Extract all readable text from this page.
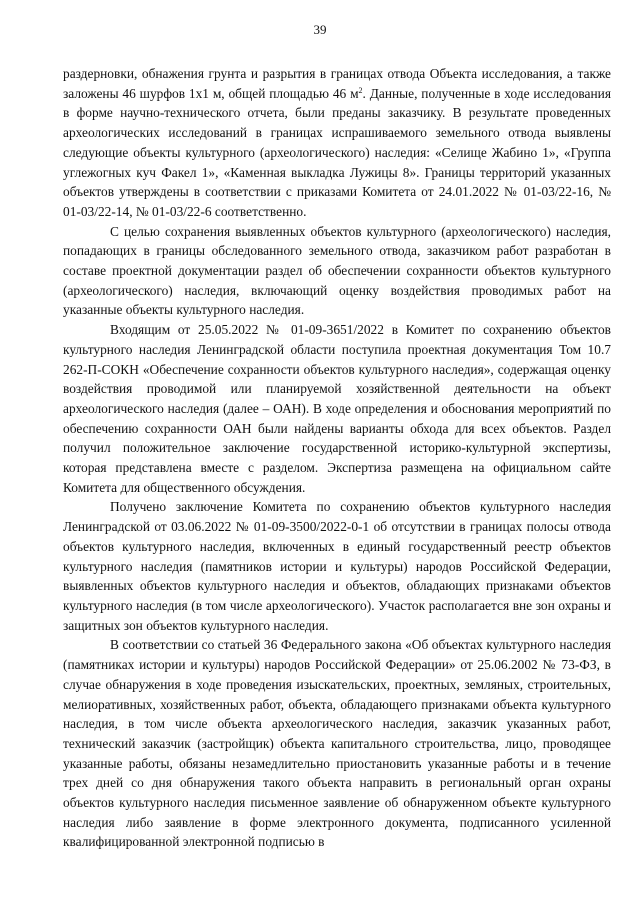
39

раздерновки, обнажения грунта и разрытия в границах отвода Объекта исследования, а также заложены 46 шурфов 1x1 м, общей площадью 46 $м^2$. Данные, полученные в ходе исследования в форме научно-технического отчета, были преданы заказчику. В результате проведенных археологических исследований в границах испрашиваемого земельного отвода выявлены следующие объекты культурного (археологического) наследия: «Селище Жабино 1», «Группа углежогных куч Факел 1», «Каменная выкладка Лужицы 8». Границы территорий указанных объектов утверждены в соответствии с приказами Комитета от 24.01.2022 № 01-03/22-16, № 01-03/22-14, № 01-03/22-6 соответственно.

С целью сохранения выявленных объектов культурного (археологического) наследия, попадающих в границы обследованного земельного отвода, заказчиком работ разработан в составе проектной документации раздел об обеспечении сохранности объектов культурного (археологического) наследия, включающий оценку воздействия проводимых работ на указанные объекты культурного наследия.

Входящим от 25.05.2022 № 01-09-3651/2022 в Комитет по сохранению объектов культурного наследия Ленинградской области поступила проектная документация Том 10.7 262-П-СОКН «Обеспечение сохранности объектов культурного наследия», содержащая оценку воздействия проводимой или планируемой хозяйственной деятельности на объект археологического наследия (далее – ОАН). В ходе определения и обоснования мероприятий по обеспечению сохранности ОАН были найдены варианты обхода для всех объектов. Раздел получил положительное заключение государственной историко-культурной экспертизы, которая представлена вместе с разделом. Экспертиза размещена на официальном сайте Комитета для общественного обсуждения.

Получено заключение Комитета по сохранению объектов культурного наследия Ленинградской от 03.06.2022 № 01-09-3500/2022-0-1 об отсутствии в границах полосы отвода объектов культурного наследия, включенных в единый государственный реестр объектов культурного наследия (памятников истории и культуры) народов Российской Федерации, выявленных объектов культурного наследия и объектов, обладающих признаками объектов культурного наследия (в том числе археологического). Участок располагается вне зон охраны и защитных зон объектов культурного наследия.

В соответствии со статьей 36 Федерального закона «Об объектах культурного наследия (памятниках истории и культуры) народов Российской Федерации» от 25.06.2002 № 73-ФЗ, в случае обнаружения в ходе проведения изыскательских, проектных, земляных, строительных, мелиоративных, хозяйственных работ, объекта, обладающего признаками объекта культурного наследия, в том числе объекта археологического наследия, заказчик указанных работ, технический заказчик (застройщик) объекта капитального строительства, лицо, проводящее указанные работы, обязаны незамедлительно приостановить указанные работы и в течение трех дней со дня обнаружения такого объекта направить в региональный орган охраны объектов культурного наследия письменное заявление об обнаруженном объекте культурного наследия либо заявление в форме электронного документа, подписанного усиленной квалифицированной электронной подписью в
